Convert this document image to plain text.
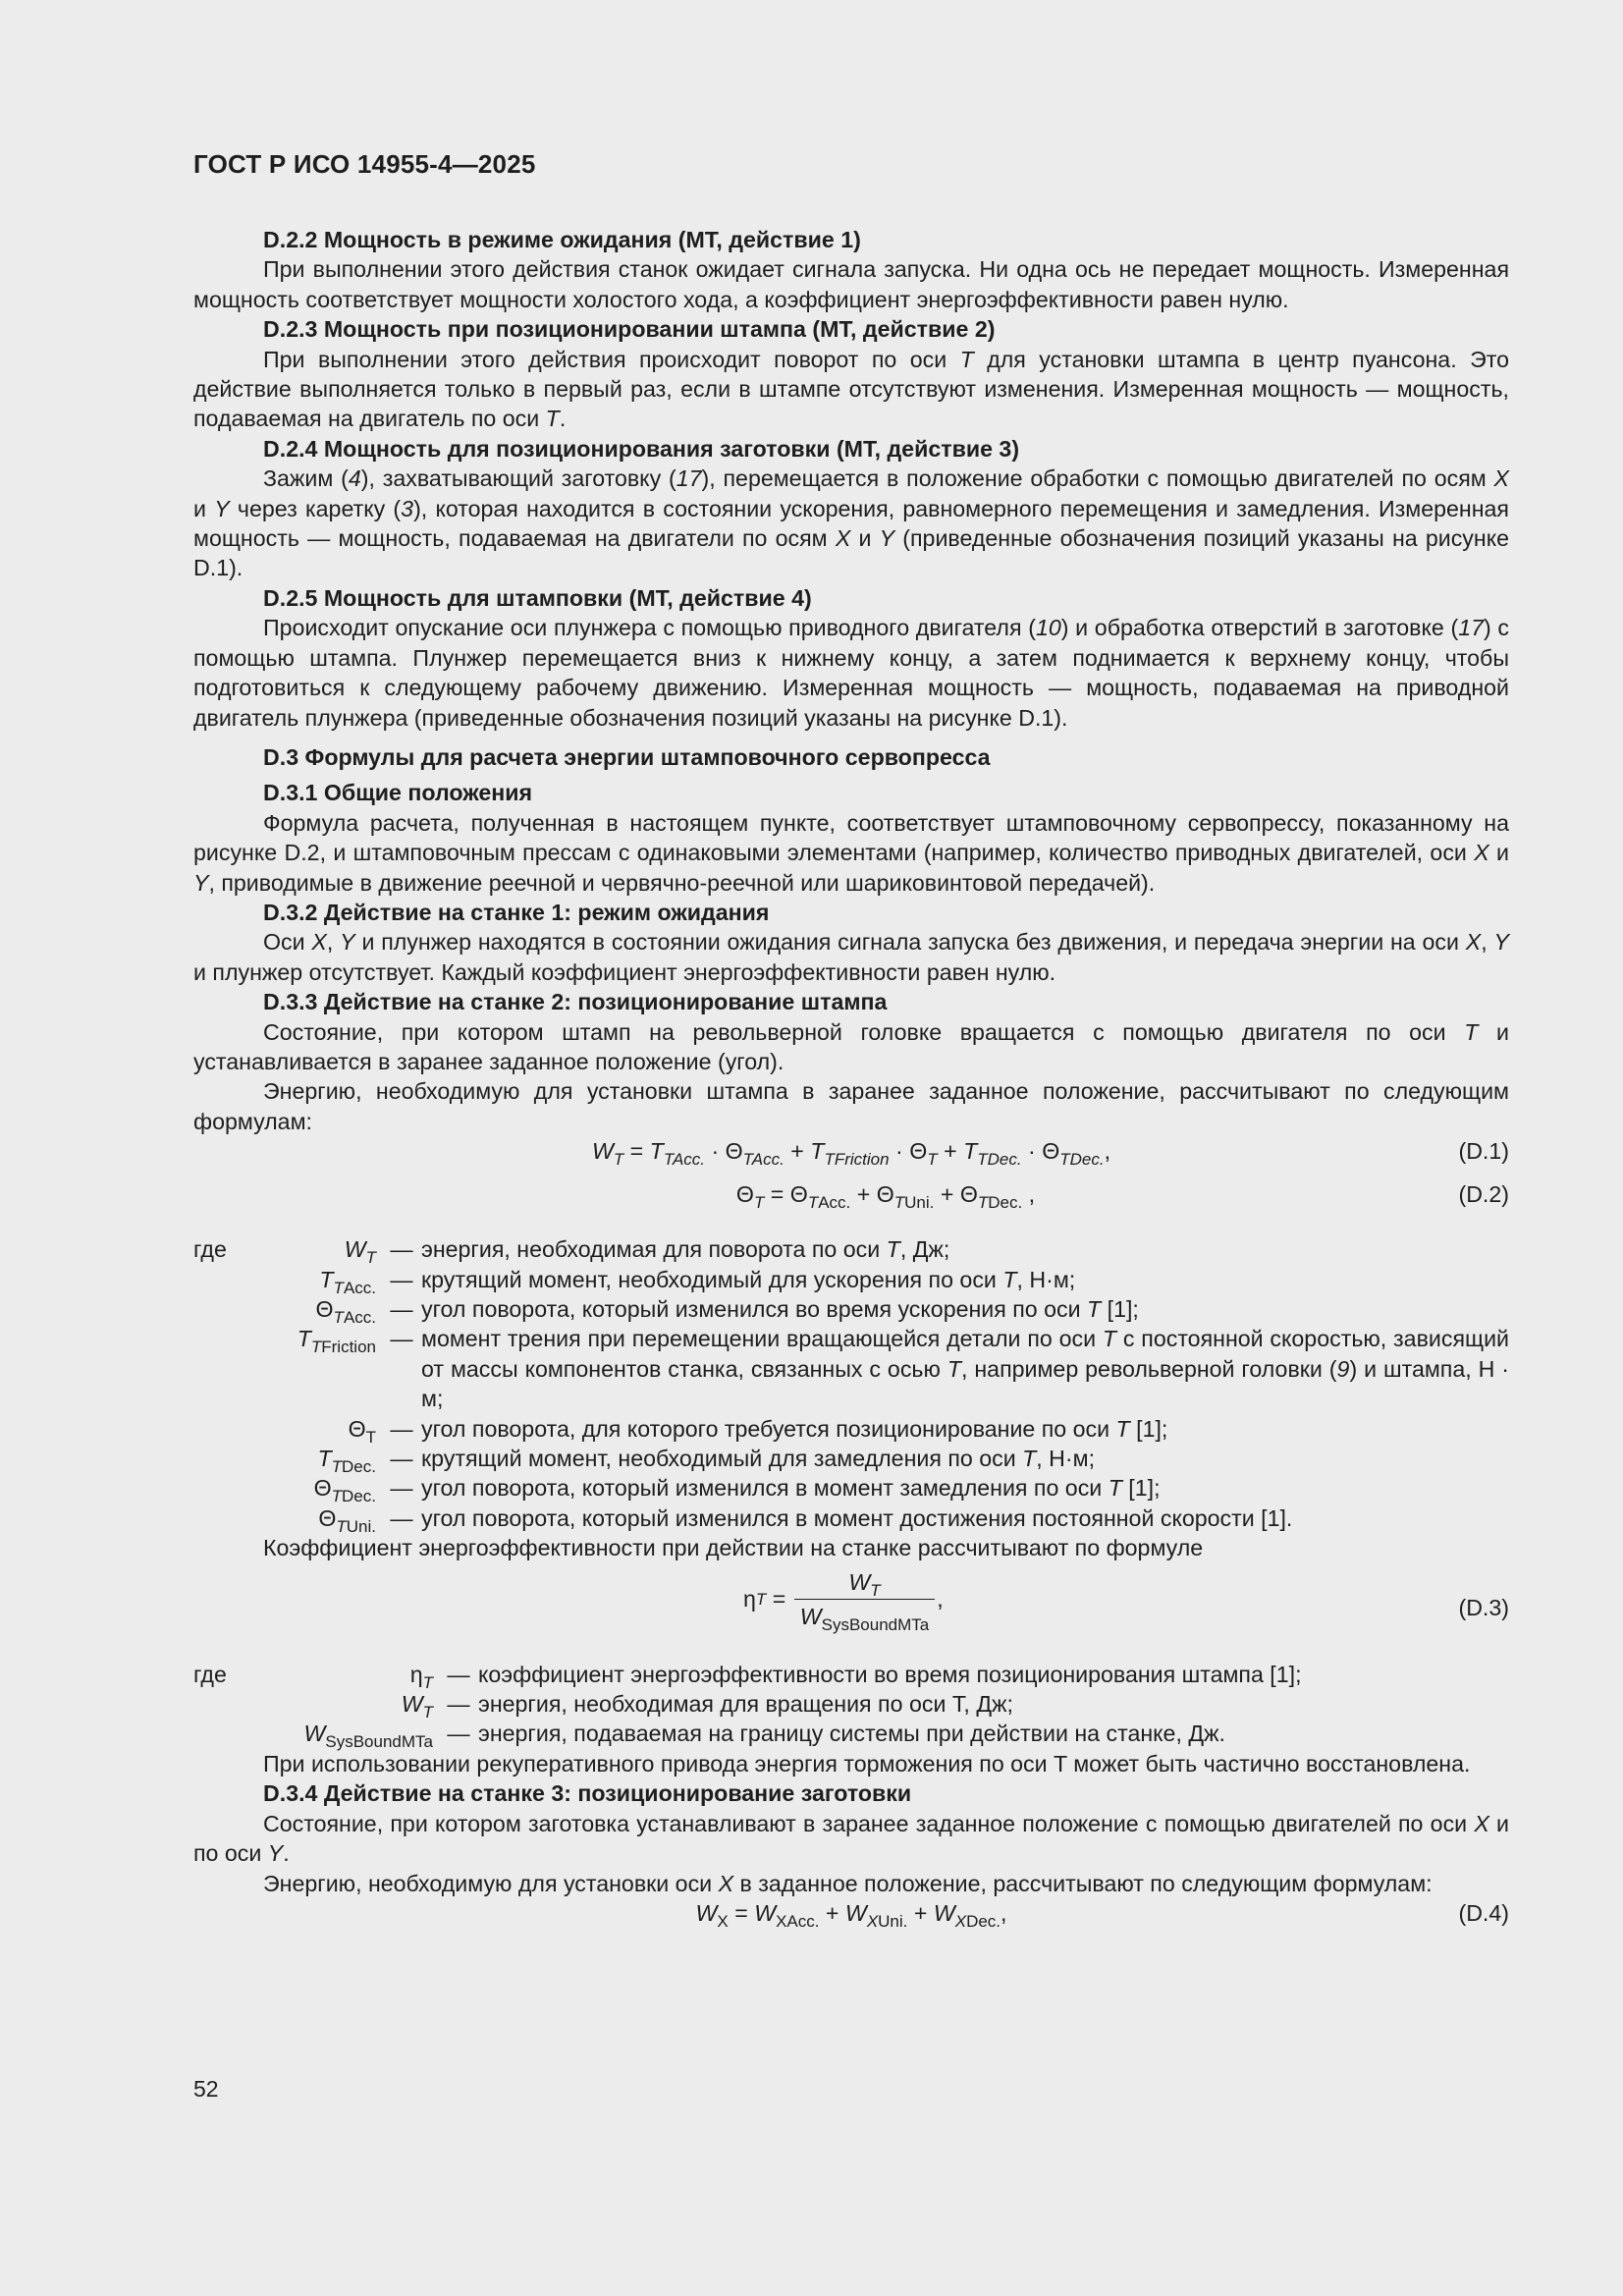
ГОСТ Р ИСО 14955-4—2025
D.2.2 Мощность в режиме ожидания (MT, действие 1)
При выполнении этого действия станок ожидает сигнала запуска. Ни одна ось не передает мощность. Измеренная мощность соответствует мощности холостого хода, а коэффициент энергоэффективности равен нулю.
D.2.3 Мощность при позиционировании штампа (MT, действие 2)
При выполнении этого действия происходит поворот по оси T для установки штампа в центр пуансона. Это действие выполняется только в первый раз, если в штампе отсутствуют изменения. Измеренная мощность — мощность, подаваемая на двигатель по оси T.
D.2.4 Мощность для позиционирования заготовки (MT, действие 3)
Зажим (4), захватывающий заготовку (17), перемещается в положение обработки с помощью двигателей по осям X и Y через каретку (3), которая находится в состоянии ускорения, равномерного перемещения и замедления. Измеренная мощность — мощность, подаваемая на двигатели по осям X и Y (приведенные обозначения позиций указаны на рисунке D.1).
D.2.5 Мощность для штамповки (MT, действие 4)
Происходит опускание оси плунжера с помощью приводного двигателя (10) и обработка отверстий в заготовке (17) с помощью штампа. Плунжер перемещается вниз к нижнему концу, а затем поднимается к верхнему концу, чтобы подготовиться к следующему рабочему движению. Измеренная мощность — мощность, подаваемая на приводной двигатель плунжера (приведенные обозначения позиций указаны на рисунке D.1).
D.3 Формулы для расчета энергии штамповочного сервопресса
D.3.1 Общие положения
Формула расчета, полученная в настоящем пункте, соответствует штамповочному сервопрессу, показанному на рисунке D.2, и штамповочным прессам с одинаковыми элементами (например, количество приводных двигателей, оси X и Y, приводимые в движение реечной и червячно-реечной или шариковинтовой передачей).
D.3.2 Действие на станке 1: режим ожидания
Оси X, Y и плунжер находятся в состоянии ожидания сигнала запуска без движения, и передача энергии на оси X, Y и плунжер отсутствует. Каждый коэффициент энергоэффективности равен нулю.
D.3.3 Действие на станке 2: позиционирование штампа
Состояние, при котором штамп на револьверной головке вращается с помощью двигателя по оси T и устанавливается в заранее заданное положение (угол).
Энергию, необходимую для установки штампа в заранее заданное положение, рассчитывают по следующим формулам:
$W_T = T_{TAcc.} \cdot \Theta_{TAcc.} + T_{TFriction} \cdot \Theta_T + T_{TDec.} \cdot \Theta_{TDec.}$,	(D.1)
$\Theta_T = \Theta_{TAcc.} + \Theta_{TUni.} + \Theta_{TDec.}$ ,	(D.2)
где	$W_T$ — энергия, необходимая для поворота по оси T, Дж;
$T_{TAcc.}$ — крутящий момент, необходимый для ускорения по оси T, Н·м;
$\Theta_{TAcc.}$ — угол поворота, который изменился во время ускорения по оси T [1];
$T_{TFriction}$ — момент трения при перемещении вращающейся детали по оси T с постоянной скоростью, зависящий от массы компонентов станка, связанных с осью T, например револьверной головки (9) и штампа, Н · м;
$\Theta_T$ — угол поворота, для которого требуется позиционирование по оси T [1];
$T_{TDec.}$ — крутящий момент, необходимый для замедления по оси T, Н·м;
$\Theta_{TDec.}$ — угол поворота, который изменился в момент замедления по оси T [1];
$\Theta_{TUni.}$ — угол поворота, который изменился в момент достижения постоянной скорости [1].
Коэффициент энергоэффективности при действии на станке рассчитывают по формуле
η $T = \frac{W_T}{W_{SysBoundMTa}}$ ,	(D.3)
где	$\eta_T$ — коэффициент энергоэффективности во время позиционирования штампа [1];
$W_T$ — энергия, необходимая для вращения по оси T, Дж;
$W_{SysBoundMTa}$ — энергия, подаваемая на границу системы при действии на станке, Дж.
При использовании рекуперативного привода энергия торможения по оси T может быть частично восстановлена.
D.3.4 Действие на станке 3: позиционирование заготовки
Состояние, при котором заготовка устанавливают в заранее заданное положение с помощью двигателей по оси X и по оси Y.
Энергию, необходимую для установки оси X в заданное положение, рассчитывают по следующим формулам:
$W_X = W_{XAcc.} + W_{XUni.} + W_{XDec.}$,	(D.4)
52
